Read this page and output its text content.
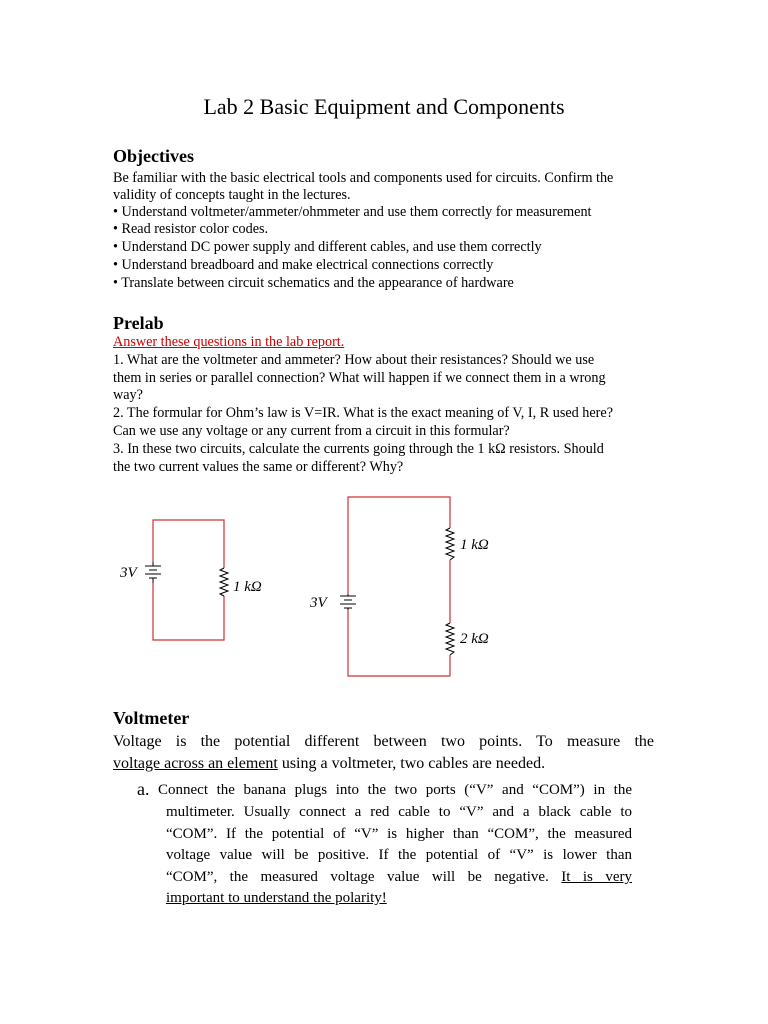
Lab 2 Basic Equipment and Components
Objectives
Be familiar with the basic electrical tools and components used for circuits. Confirm the
validity of concepts taught in the lectures.
• Understand voltmeter/ammeter/ohmmeter and use them correctly for measurement
• Read resistor color codes.
• Understand DC power supply and different cables, and use them correctly
• Understand breadboard and make electrical connections correctly
• Translate between circuit schematics and the appearance of hardware
Prelab
Answer these questions in the lab report.
1. What are the voltmeter and ammeter? How about their resistances? Should we use
them in series or parallel connection? What will happen if we connect them in a wrong
way?
2. The formular for Ohm’s law is V=IR. What is the exact meaning of V, I, R used here?
Can we use any voltage or any current from a circuit in this formular?
3. In these two circuits, calculate the currents going through the 1 kΩ resistors. Should
the two current values the same or different? Why?
3V
1 kΩ
3V
1 kΩ
2 kΩ
Voltmeter
Voltage is the potential different between two points. To measure the
voltage across an element using a voltmeter, two cables are needed.
a. Connect the banana plugs into the two ports (“V” and “COM”) in the
multimeter. Usually connect a red cable to “V” and a black cable to
“COM”. If the potential of “V” is higher than “COM”, the measured
voltage value will be positive. If the potential of “V” is lower than
“COM”, the measured voltage value will be negative. It is very
important to understand the polarity!
